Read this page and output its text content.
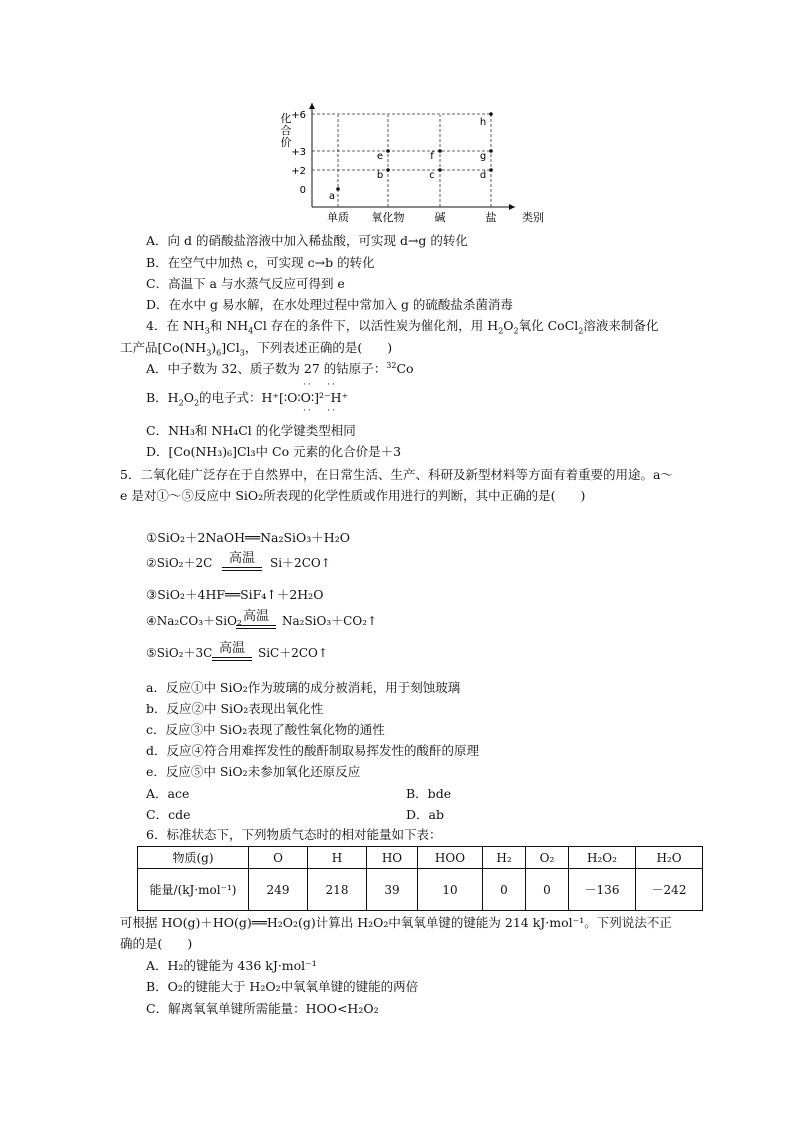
0
+2
+3
+6
化
合
价
单质 氧化物	碱	盐 类别
a
b
e
c
f
d
g
h
A．向 d 的硝酸盐溶液中加入稀盐酸，可实现 d→g 的转化
B．在空气中加热 c，可实现 c→b 的转化
C．高温下 a 与水蒸气反应可得到 e
D．在水中 g 易水解，在水处理过程中常加入 g 的硫酸盐杀菌消毒
4．在 $NH_3$和 $NH_4Cl$ 存在的条件下，以活性炭为催化剂，用 $H_2O_2$氧化 CoCl$_2$溶液来制备化
工产品$[Co(NH_3)_6]Cl_3$，下列表述正确的是(　　)
A．中子数为 32、质子数为 27 的钴原子：$^{32}$Co
B．$H_2O_2$的电子式：H⁺[∶O∶O∶]²⁻H⁺
··   ··
··   ··
C．NH₃和 NH₄Cl 的化学键类型相同
D．[Co(NH₃)₆]Cl₃中 Co 元素的化合价是＋3
5．二氧化硅广泛存在于自然界中，在日常生活、生产、科研及新型材料等方面有着重要的用途。a～e 是对①～⑤反应中 SiO₂所表现的化学性质或作用进行的判断，其中正确的是(　　)
①SiO₂＋2NaOH══Na₂SiO₃＋H₂O
②SiO₂＋2C	高温	Si＋2CO↑
③SiO₂＋4HF══SiF₄↑＋2H₂O
④Na₂CO₃＋SiO₂ 高温	Na₂SiO₃＋CO₂↑
⑤SiO₂＋3C 高温	SiC＋2CO↑
a．反应①中 SiO₂作为玻璃的成分被消耗，用于刻蚀玻璃
b．反应②中 SiO₂表现出氧化性
c．反应③中 SiO₂表现了酸性氧化物的通性
d．反应④符合用难挥发性的酸酐制取易挥发性的酸酐的原理
e．反应⑤中 SiO₂未参加氧化还原反应
A．ace	B．bde
C．cde	D．ab
6．标准状态下，下列物质气态时的相对能量如下表：
物质(g)	O	H	HO	HOO	H₂	O₂	H₂O₂	H₂O
能量/(kJ·mol⁻¹)	249	218	39	10	0	0	－136	－242
可根据 HO(g)＋HO(g)══H₂O₂(g)计算出 H₂O₂中氧氧单键的键能为 214 kJ·mol⁻¹。下列说法不正确的是(　　)
A．H₂的键能为 436 kJ·mol⁻¹
B．O₂的键能大于 H₂O₂中氧氧单键的键能的两倍
C．解离氧氧单键所需能量：HOO<H₂O₂
